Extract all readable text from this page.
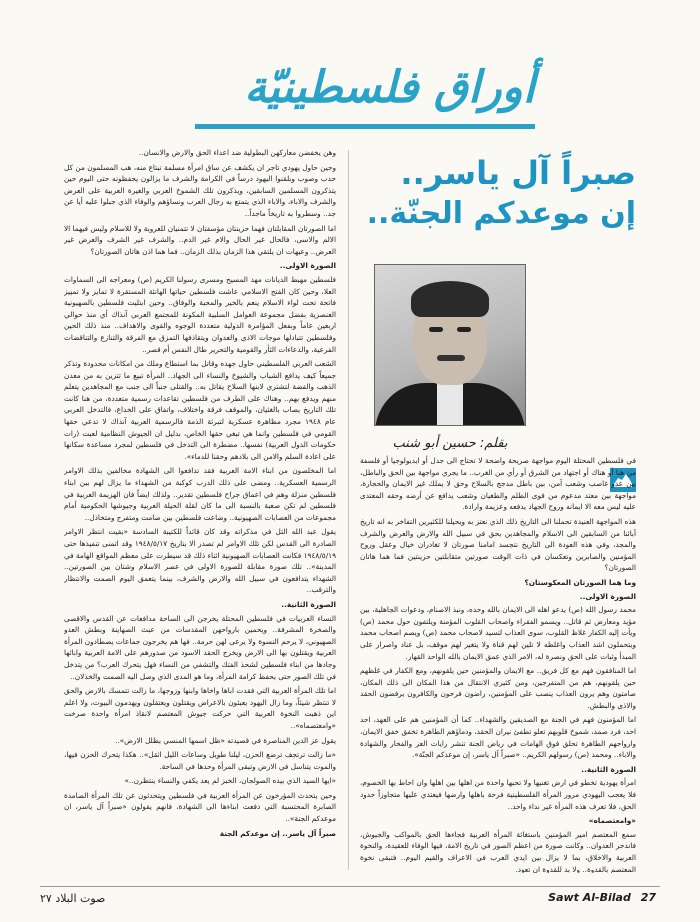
أوراق فلسطينيّة

وهن يخفضن معاركهن البطولية ضد اعداء الحق والارض والانسان..

وحين حاول يهودي تاجر ان يكشف عن ساق امرأة مسلمة تبتاع منه، هب المسلمون من كل حدب وصوب وبلقنوا اليهود درساً في الكرامة والشرف ما يزالون يحفظونه حتى اليوم حين يتذكرون المسلمين السابقين، ويذكرون تلك الشموخ العربي والغيرة العربية على العرض والشرف والاباء، والاباء الذي يتمتع به رجال العرب ونساؤهم والوفاء الذي جبلوا عليه أيا عن جد.. وسطروا به تاريخاً ماجداً..

اما الصورتان المقابلتان فهما حزينتان مؤسفتان لا تتمنيان للعروبة ولا للاسلام وليس فيهما الا الالم والاسى، فالحال غير الحال والام غير الدم.. والشرف غير الشرف والعرض غير العرض.. وعيهات ان يلتقي هذا الزمان بذلك الزمان.. فما هما اذن هاتان الصورتان؟

الصورة الاولى..

فلسطين مهبط الديانات مهد المسيح ومسرى رسولنا الكريم (ص) ومعراجه الى السماوات العلا، وحين كان الفتح الاسلامي عاشت فلسطين حياتها الهانئة المستقرة لا تمايز ولا تمييز فاتحة تحت لواء الاسلام ينعم بالخير والمحبة والوفاق.. وحين ابتليت فلسطين بالصهيونية العنصرية بفضل مجموعة العوامل السلبية المكونة للمجتمع العربي آنذاك أي منذ حوالي اربعين عاماً وبفعل المؤامرة الدولية متعددة الوجوه والقوى والاهداف.. منذ ذلك الحين وفلسطين تتبادلها موجات الاذى والعدوان ويتقاذفها التمزق مع الفرقة والتنازع والتناقضات الفرعية، والدعاءات الثأر والقومية والتحرير طال النفس أم قصر..

الشعب العربي الفلسطيني حاول جهده وقاتل بما استطاع وملك من امكانات محدودة وتذكر جميعاً كيف يدافع الشباب والشيوخ والنساء الى الجهاد.. المرأة تبيع ما تتزين به من معدن الذهب والفضة لتشتري لابنها السلاح يقاتل به.. والقتلى جنباً الى جنب مع المجاهدين يتعلم منهم ويدفع بهم.. وهناك على الطرف من فلسطين تقاعدات رسمية متعددة، من هنا كانت تلك التاريخ يصاب بالغثيان، والموقف فرقة واختلاف، واتفاق على الخداع، فالتدخل العربي عام ١٩٤٨ مجرد مظاهرة عسكرية لتبرئة الذمة فالرسمية العربية آنذاك لا تدعي حقها القومي في فلسطين وانما هي تبغي حقها الخاص، بدليل ان الجيوش النظامية لعبت (رات حكومات الدول العربية) نفسها.. مضطرة الى التدخل في فلسطين لمجرد مساعدة سكانها على اعادة السلم والامن الى بلادهم وحقنا للدماء».

اما المخلصون من ابناء الامة العربية فقد تدافعوا الى الشهادة مخالفين بذلك الاوامر الرسمية العسكرية.. ومضى على ذلك الدرب كوكبة من الشهداء ما يزال لهم بين ابناء فلسطين منزلة وهم في اعماق جراح فلسطين تقدير.. ولذلك ايضاً فان الهزيمة العربية في فلسطين لم تكن صعبة بالنسبة الى ما كان لقلة الحيلة العربية وجيوشها الحكومية أمام مجموعات من العصابات الصهيونية.. وضاعت فلسطين بين صامت ومتفرج ومتخاذل..

يقول عبد الله التل في مذكراته وقد كان قائداً للكتيبة السادسة «بقيت انتظر الاوامر الصادرة الى القدس لكن تلك الاوامر لم تصدر الا بتاريخ ١٩٤٨/٥/١٧ وقد اتمنى تنفيذها حتى ١٩٤٨/٥/١٩ فكانت العصابات الصهيونية اثناء ذلك قد سيطرت على معظم المواقع الهامة في المدينة».. تلك صورة مقابلة للصورة الاولى في عصر الاسلام وشتان بين الصورتين.. الشهداء يتدافعون في سبيل الله والارض والشرف، بينما يتعمق اليوم الصمت والانتظار والترقب..

الصورة الثانية..

النساء العربيات في فلسطين المحتلة يخرجن الى الساحة مدافعات عن القدس والاقصى والصخرة المشرفة.. ويحمين بارواحهن المقدسات من عبث الصهاينة وبطش العدو الصهيوني، لا يرحم النسوة ولا يرعى لهن حرمة.. فها هم يخرجون جماعات يصطادون المرأة العربية ويقتلون بها الى الارض ويخرج الحقد الاسود من صدورهم على الامة العربية وابائها وجادها من ابناء فلسطين لشحذ الفتك والتشفي من النساء فهل يتحرك العرب؟ من يتدخل في تلك الصور حتى يحفظ كرامة المرأة، وما هو المدى الذي وصل اليه الصمت والخذلان..

اما تلك المرأة العربية التي فقدت اباها واخاها وابنها وزوجها، ما زالت تتمسك بالارض والحق لا تنتظر شيئاً، وما زال اليهود يعبثون بالاعراض ويقتلون ويعتقلون ويهدمون البيوت، ولا اعلم اين ذهبت النخوة العربية التي حركت جيوش المعتصم لانقاذ امرأة واحدة صرخت «وامعتصماه»..

يقول عز الدين المناصرة في قصيدته «ظل اسمها المنسي يظلل الارض»..

«ما زالت ترتجف ترضع الحزن، ليلنا طويل وساعات الليل اثقل».. هكذا يتحرك الحزن فيها، والموت يتناسل في الارض وتبقى المرأة وحدها في الساحة.

«ايها السيد الذي بيده الصولجان، الخبز لم يعد يكفي والنساء ينتظرن..»

وحين يتحدث المؤرخون عن المرأة العربية في فلسطين ويتحدثون عن تلك المرأة الصامدة الصابرة المحتسبة التي دفعت ابناءها الى الشهادة، فانهم يقولون «صبراً آل ياسر، ان موعدكم الجنة»..

صبراً آل ياسر.. إن موعدكم الجنة

صبراً آل ياسر..
إن موعدكم الجنّة..
بقلم: حسين أبو شنب

في فلسطين المحتلة اليوم مواجهة صريحة واضحة لا تحتاج الى جدل أو ايديولوجيا أو فلسفة من هنا أو هناك أو اجتهاد من الشرق أو رأي من الغرب.. ما يجري مواجهة بين الحق والباطل، بين عدو غاصب وشعب آمن، بين باطل مدجج بالسلاح وحق لا يملك غير الايمان والحجارة، مواجهة بين معتد مدعوم من قوى الظلم والطغيان وشعب يدافع عن أرضه وحقه المعتدى عليه ليس معه الا ايمانه وروح الجهاد يدفعه وعزيمة وارادة.

هذه المواجهة العنيدة تحملنا الى التاريخ ذلك الذي نعتز به ويحيلنا للكثيرين التفاخر به انه تاريخ آبائنا من السابقين الى الاسلام والمجاهدين بحق في سبيل الله والارض والعرض والشرف والمجد، وفي هذه العودة الى التاريخ نتجسد امامنا صورتان لا تغادران خيال وعقل وروح المؤمنين والصابرين وتعكسان في ذات الوقت صورتين متقابلتين حزينتين فما هما هاتان الصورتان؟

وما هما الصورتان المعكوستان؟

الصورة الاولى..

محمد رسول الله (ص) يدعو اهله الى الايمان بالله وحده، ونبذ الاصنام، ودعوات الجاهلية، بين مؤيد ومعارض ثم قاتل.. ويسمو الفقراء واصحاب القلوب المؤمنة ويلتفون حول محمد (ص) ويأت إليه الكفار غلاظ القلوب، سوى العذاب لتسيد لاصحاب محمد (ص) ويصم اصحاب محمد ويتحملون اشد العذاب واغلظه لا تلين لهم قناة ولا يتغير لهم موقف، بل عناد واصرار على المبدأ وثبات على الحق ونصرة له، الامر الذي عمق الايمان بالله الواحد القهار.

اما المنافقون فهم مع كل فريق.. مع الايمان والمؤمنين حين يلقونهم، ومع الكفار في غلظهم حين يلقونهم، هم من المتفرجين، ومن كثيري الانتقال من هذا المكان الى ذلك المكان، صامتون وهم يرون العذاب ينصب على المؤمنين، راضون فرحون والكافرون يرفضون الحقد والاذى والبطش.

اما المؤمنون فهم في الجنة مع الصديقين والشهداء.. كما أن المؤمنين هم على العهد، احد احد، فرد صمد، شموخ قلوبهم تعلو تطفئ نيران الحقد، ودماؤهم الطاهرة تخفق خفق الايمان، وارواحهم الطاهرة تحلق فوق الهامات في رياض الجنة تنشر رايات العز والفخار والشهادة والاباء.. ومحمد (ص) رسولهم الكريم.. «صبراً آل ياسر، إن موعدكم الجنّة».

الصورة الثانية..

امرأة يهودية تخطو في ارض تغنيها ولا تحبها واحدة من اهلها بين اهلها وان احاط بها الخصوم، فلا يعجب اليهودي مرور المرأة الفلسطينية فرحة باهلها وارضها فيعتدي عليها متجاوزاً حدود الحق، فلا تعرف هذه المرأة غير نداء واحد..

«وامعتصماه»

سمع المعتصم امير المؤمنين باستغاثة المرأة العربية فجاءها الحق بالمواكب والجيوش، فاندحر العدوان.. وكانت صورة من اعظم الصور في تاريخ الامة، فيها الوفاء للعقيدة، والنخوة العربية والاخلاق، بما لا يزال بين ايدي العرب في الاعراف والقيم اليوم.. فتبقى نخوة المعتصم بالقدوة.. ولا بد للقدوة ان تعود.

صوت البلاد ٢٧	Sawt Al-Bilad 27
